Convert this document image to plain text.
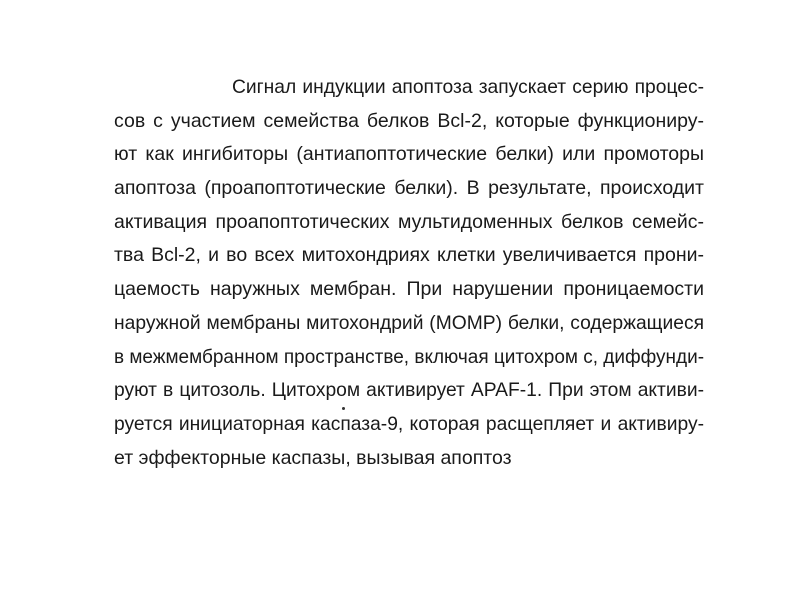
Сигнал индукции апоптоза запускает серию процес-
сов с участием семейства белков Bcl-2, которые функциониру-
ют как ингибиторы (антиапоптотические белки) или промоторы
апоптоза (проапоптотические белки). В результате, происходит
активация проапоптотических мультидоменных белков семейс-
тва Bcl-2, и во всех митохондриях клетки увеличивается прони-
цаемость наружных мембран. При нарушении проницаемости
наружной мембраны митохондрий (MOMP) белки, содержащиеся
в межмембранном пространстве, включая цитохром с, диффунди-
руют в цитозоль. Цитохром активирует APAF-1. При этом активи-
руется инициаторная каспаза-9, которая расщепляет и активиру-
ет эффекторные каспазы, вызывая апоптоз
